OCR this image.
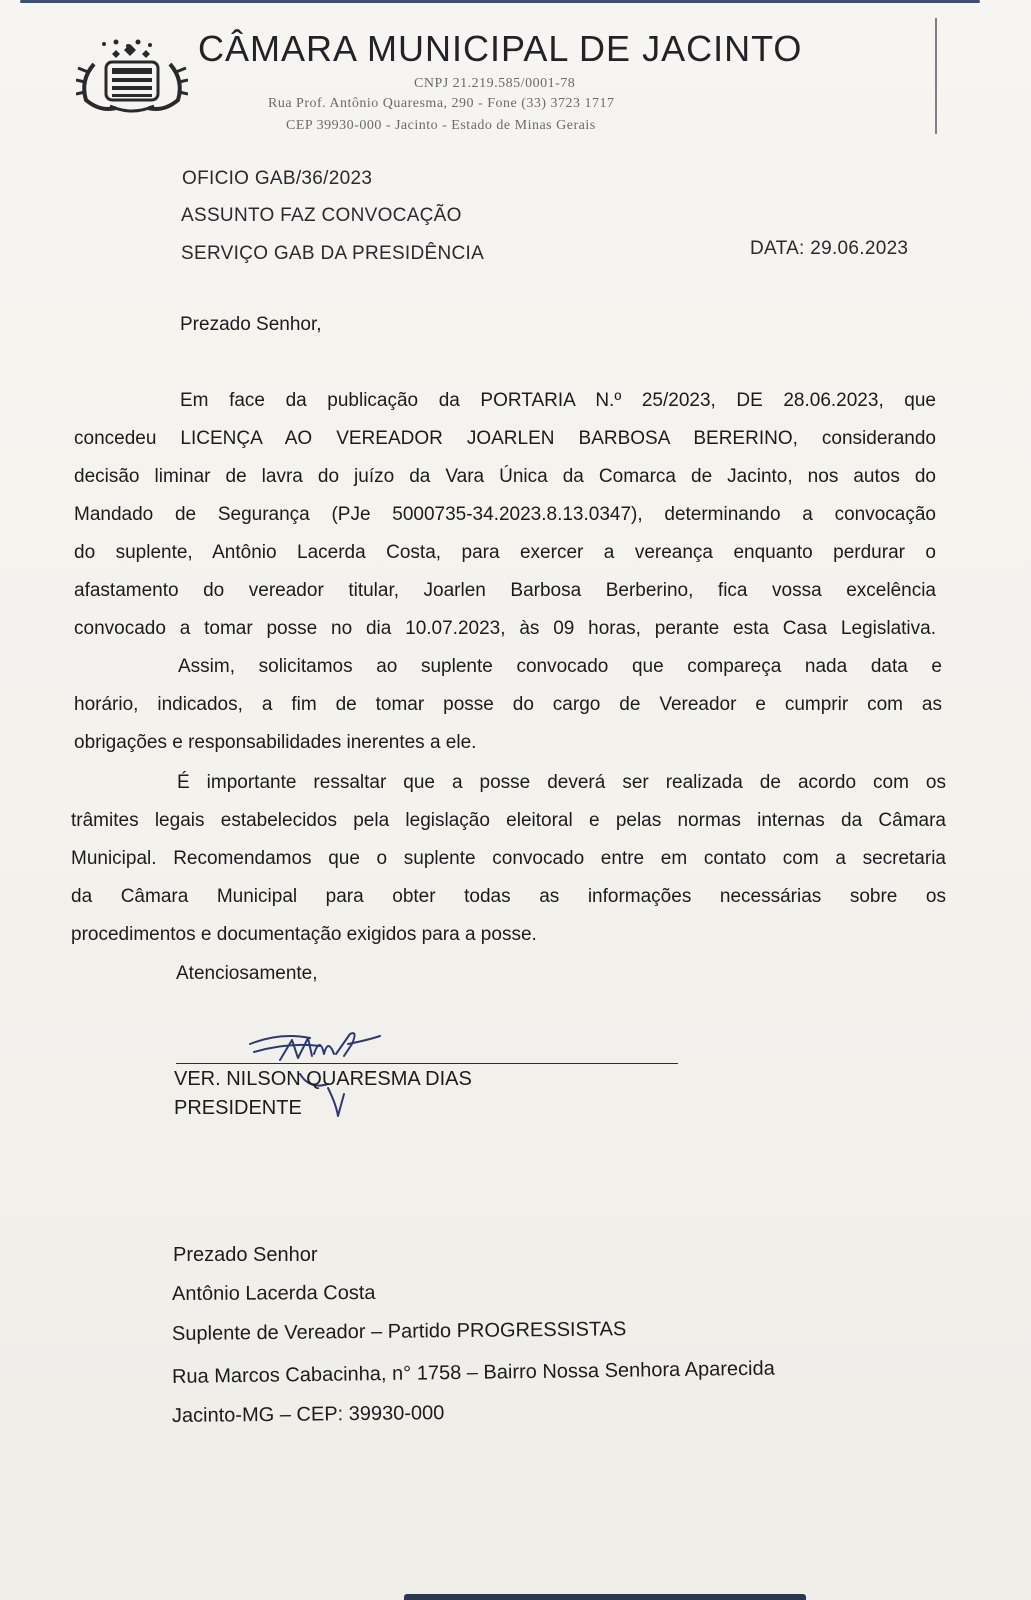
CÂMARA MUNICIPAL DE JACINTO
CNPJ 21.219.585/0001-78
Rua Prof. Antônio Quaresma, 290 - Fone (33) 3723 1717
CEP 39930-000 - Jacinto - Estado de Minas Gerais
OFICIO GAB/36/2023
ASSUNTO FAZ CONVOCAÇÃO
SERVIÇO GAB DA PRESIDÊNCIA	DATA: 29.06.2023
Prezado Senhor,
Em face da publicação da PORTARIA N.º 25/2023, DE 28.06.2023, que
concedeu LICENÇA AO VEREADOR JOARLEN BARBOSA BERERINO, considerando
decisão liminar de lavra do juízo da Vara Única da Comarca de Jacinto, nos autos do
Mandado de Segurança (PJe 5000735-34.2023.8.13.0347), determinando a convocação
do suplente, Antônio Lacerda Costa, para exercer a vereança enquanto perdurar o
afastamento do vereador titular, Joarlen Barbosa Berberino, fica vossa excelência
convocado a tomar posse no dia 10.07.2023, às 09 horas, perante esta Casa Legislativa.
Assim, solicitamos ao suplente convocado que compareça nada data e
horário, indicados, a fim de tomar posse do cargo de Vereador e cumprir com as
obrigações e responsabilidades inerentes a ele.
É importante ressaltar que a posse deverá ser realizada de acordo com os
trâmites legais estabelecidos pela legislação eleitoral e pelas normas internas da Câmara
Municipal. Recomendamos que o suplente convocado entre em contato com a secretaria
da Câmara Municipal para obter todas as informações necessárias sobre os
procedimentos e documentação exigidos para a posse.
Atenciosamente,
VER. NILSON QUARESMA DIAS
PRESIDENTE
Prezado Senhor
Antônio Lacerda Costa
Suplente de Vereador – Partido PROGRESSISTAS
Rua Marcos Cabacinha, n° 1758 – Bairro Nossa Senhora Aparecida
Jacinto-MG – CEP: 39930-000
